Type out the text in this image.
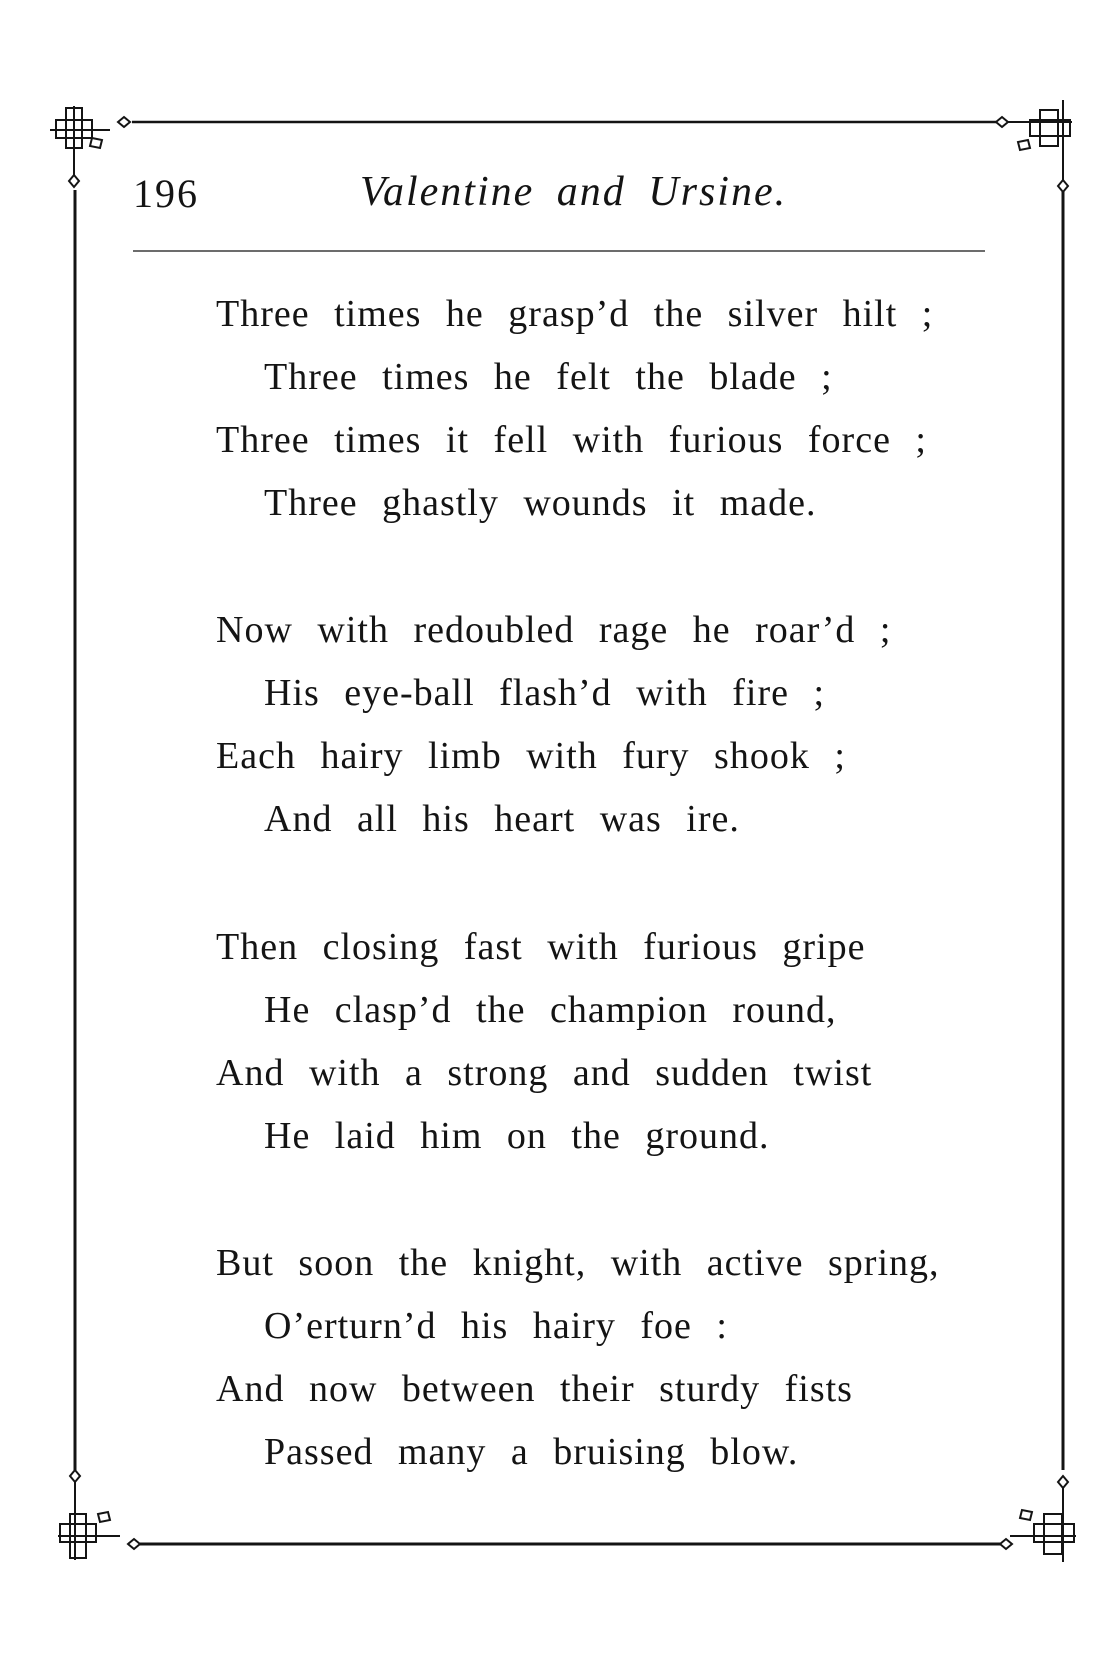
196	Valentine and Ursine.
Three times he grasp’d the silver hilt ;
Three times he felt the blade ;
Three times it fell with furious force ;
Three ghastly wounds it made.
Now with redoubled rage he roar’d ;
His eye-ball flash’d with fire ;
Each hairy limb with fury shook ;
And all his heart was ire.
Then closing fast with furious gripe
He clasp’d the champion round,
And with a strong and sudden twist
He laid him on the ground.
But soon the knight, with active spring,
O’erturn’d his hairy foe :
And now between their sturdy fists
Passed many a bruising blow.
